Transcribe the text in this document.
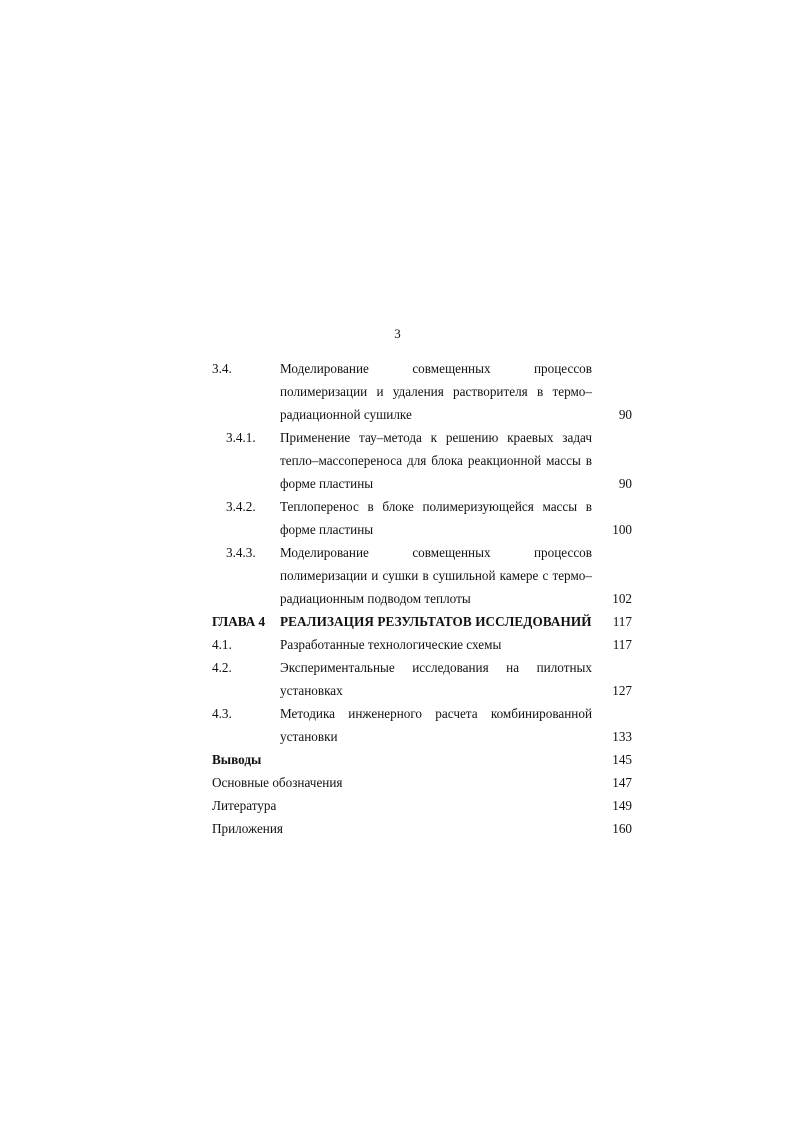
3
3.4.	Моделирование совмещенных процессов
полимеризации и удаления растворителя в термо–
радиационной сушилке	90
3.4.1.	Применение тау–метода к решению краевых задач
тепло–массопереноса для блока реакционной массы в
форме пластины	90
3.4.2.	Теплоперенос в блоке полимеризующейся массы в
форме пластины	100
3.4.3.	Моделирование совмещенных процессов
полимеризации и сушки в сушильной камере с термо–
радиационным подводом теплоты	102
ГЛАВА 4	РЕАЛИЗАЦИЯ РЕЗУЛЬТАТОВ ИССЛЕДОВАНИЙ	117
4.1.	Разработанные технологические схемы	117
4.2.	Экспериментальные исследования на пилотных
установках	127
4.3.	Методика инженерного расчета комбинированной
установки	133
Выводы	145
Основные обозначения	147
Литература	149
Приложения	160
